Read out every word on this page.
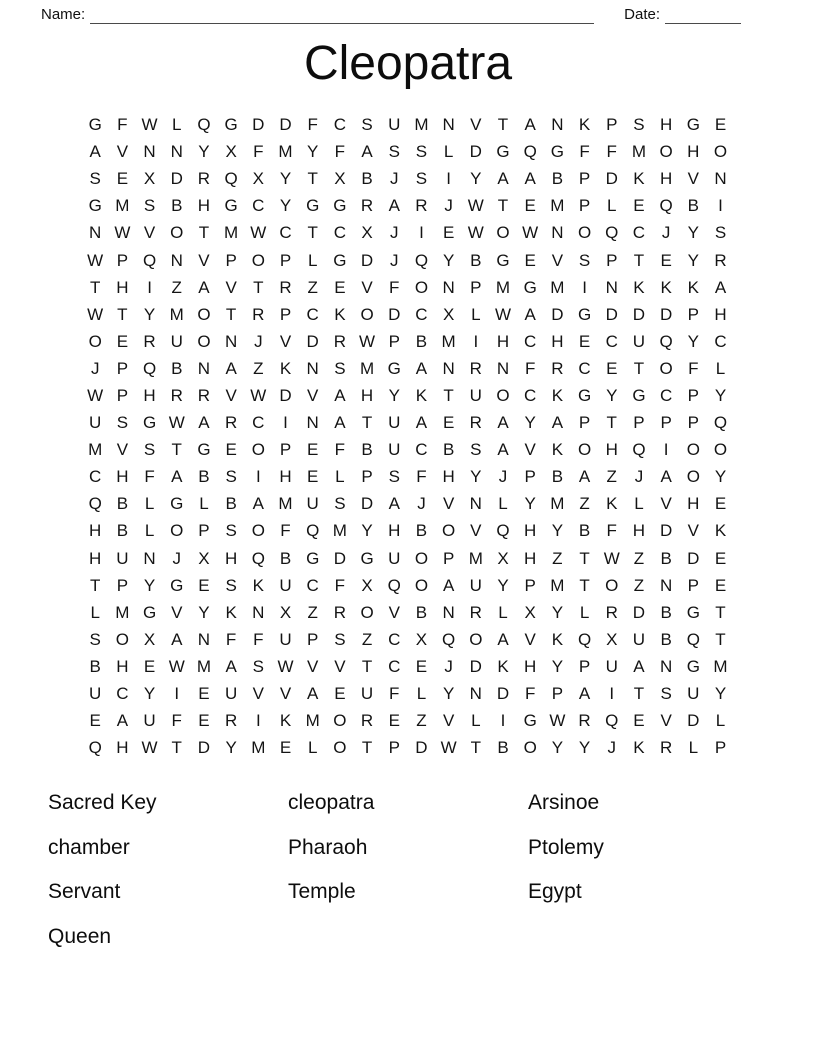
Name:	Date:
Cleopatra
G F W L Q G D D F C S U M N V T A N K P S H G E
A V N N Y X F M Y F A S S L D G Q G F F M O H O
S E X D R Q X Y T X B J S I Y A A B P D K H V N
G M S B H G C Y G G R A R J W T E M P L E Q B I
N W V O T M W C T C X J I E W O W N O Q C J Y S
W P Q N V P O P L G D J Q Y B G E V S P T E Y R
T H I Z A V T R Z E V F O N P M G M I N K K K A
W T Y M O T R P C K O D C X L W A D G D D D P H
O E R U O N J V D R W P B M I H C H E C U Q Y C
J P Q B N A Z K N S M G A N R N F R C E T O F L
W P H R R V W D V A H Y K T U O C K G Y G C P Y
U S G W A R C I N A T U A E R A Y A P T P P P Q
M V S T G E O P E F B U C B S A V K O H Q I O O
C H F A B S I H E L P S F H Y J P B A Z J A O Y
Q B L G L B A M U S D A J V N L Y M Z K L V H E
H B L O P S O F Q M Y H B O V Q H Y B F H D V K
H U N J X H Q B G D G U O P M X H Z T W Z B D E
T P Y G E S K U C F X Q O A U Y P M T O Z N P E
L M G V Y K N X Z R O V B N R L X Y L R D B G T
S O X A N F F U P S Z C X Q O A V K Q X U B Q T
B H E W M A S W V V T C E J D K H Y P U A N G M
U C Y I E U V V A E U F L Y N D F P A I T S U Y
E A U F E R I K M O R E Z V L I G W R Q E V D L
Q H W T D Y M E L O T P D W T B O Y Y J K R L P
Sacred Key
chamber
Servant
Queen
cleopatra
Pharaoh
Temple
Arsinoe
Ptolemy
Egypt
